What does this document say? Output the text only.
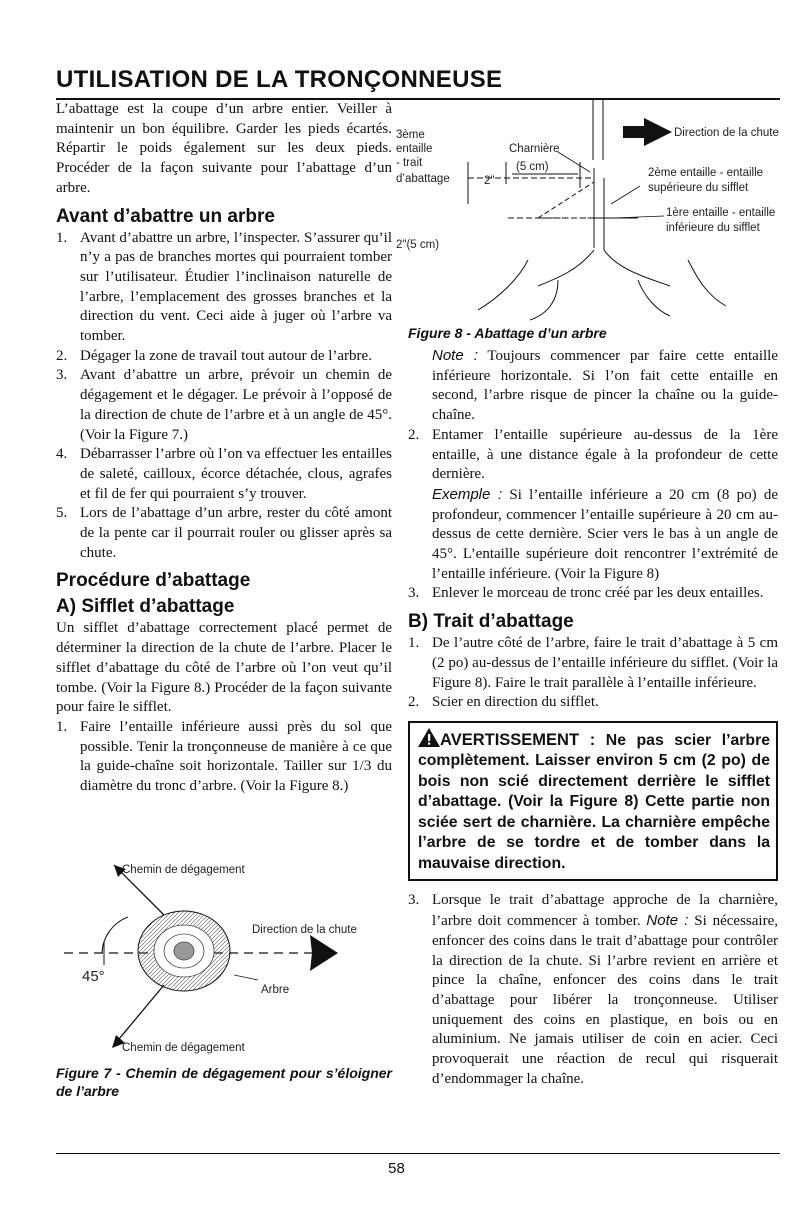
UTILISATION DE LA TRONÇONNEUSE

L’abattage est la coupe d’un arbre entier. Veiller à maintenir un bon équilibre. Garder les pieds écartés. Répartir le poids également sur les deux pieds. Procéder de la façon suivante pour l’abattage d’un arbre.

Avant d’abattre un arbre
1. Avant d’abattre un arbre, l’inspecter. S’assurer qu’il n’y a pas de branches mortes qui pourraient tomber sur l’utilisateur. Étudier l’inclinaison naturelle de l’arbre, l’emplacement des grosses branches et la direction du vent. Ceci aide à juger où l’arbre va tomber.
2. Dégager la zone de travail tout autour de l’arbre.
3. Avant d’abattre un arbre, prévoir un chemin de dégagement et le dégager. Le prévoir à l’opposé de la direction de chute de l’arbre et à un angle de 45°. (Voir la Figure 7.)
4. Débarrasser l’arbre où l’on va effectuer les entailles de saleté, cailloux, écorce détachée, clous, agrafes et fil de fer qui pourraient s’y trouver.
5. Lors de l’abattage d’un arbre, rester du côté amont de la pente car il pourrait rouler ou glisser après sa chute.
Procédure d’abattage
A) Sifflet d’abattage

Un sifflet d’abattage correctement placé permet de déterminer la direction de la chute de l’arbre. Placer le sifflet d’abattage du côté de l’arbre où l’on veut qu’il tombe. (Voir la Figure 8.) Procéder de la façon suivante pour faire le sifflet.

1. Faire l’entaille inférieure aussi près du sol que possible. Tenir la tronçonneuse de manière à ce que la guide-chaîne soit horizontale. Tailler sur 1/3 du diamètre du tronc d’arbre. (Voir la Figure 8.)
Chemin de dégagement
Direction de la chute
45°
Arbre
Chemin de dégagement
Figure 7 - Chemin de dégagement pour s’éloigner de l’arbre
3ème
entaille
- trait
d’abattage	2"
(5 cm)
Charnière
Direction de la chute
2ème entaille - entaille
supérieure du sifflet
1ère entaille - entaille
inférieure du sifflet
2"(5 cm)
Figure 8 - Abattage d’un arbre
Note : Toujours commencer par faire cette entaille inférieure horizontale. Si l’on fait cette entaille en second, l’arbre risque de pincer la chaîne ou la guide-chaîne.
2. Entamer l’entaille supérieure au-dessus de la 1ère entaille, à une distance égale à la profondeur de cette dernière.
Exemple : Si l’entaille inférieure a 20 cm (8 po) de profondeur, commencer l’entaille supérieure à 20 cm au-dessus de cette dernière. Scier vers le bas à un angle de 45°. L’entaille supérieure doit rencontrer l’extrémité de l’entaille inférieure. (Voir la Figure 8)
3. Enlever le morceau de tronc créé par les deux entailles.
B) Trait d’abattage
1. De l’autre côté de l’arbre, faire le trait d’abattage à 5 cm (2 po) au-dessus de l’entaille inférieure du sifflet. (Voir la Figure 8). Faire le trait parallèle à l’entaille inférieure.
2. Scier en direction du sifflet.
AVERTISSEMENT : Ne pas scier l’arbre complètement. Laisser environ 5 cm (2 po) de bois non scié directement derrière le sifflet d’abattage. (Voir la Figure 8) Cette partie non sciée sert de charnière. La charnière empêche l’arbre de se tordre et de tomber dans la mauvaise direction.
3. Lorsque le trait d’abattage approche de la charnière, l’arbre doit commencer à tomber. Note : Si nécessaire, enfoncer des coins dans le trait d’abattage pour contrôler la direction de la chute. Si l’arbre revient en arrière et pince la chaîne, enfoncer des coins dans le trait d’abattage pour libérer la tronçonneuse. Utiliser uniquement des coins en plastique, en bois ou en aluminium. Ne jamais utiliser de coin en acier. Ceci provoquerait une réaction de recul qui risquerait d’endommager la chaîne.
58
